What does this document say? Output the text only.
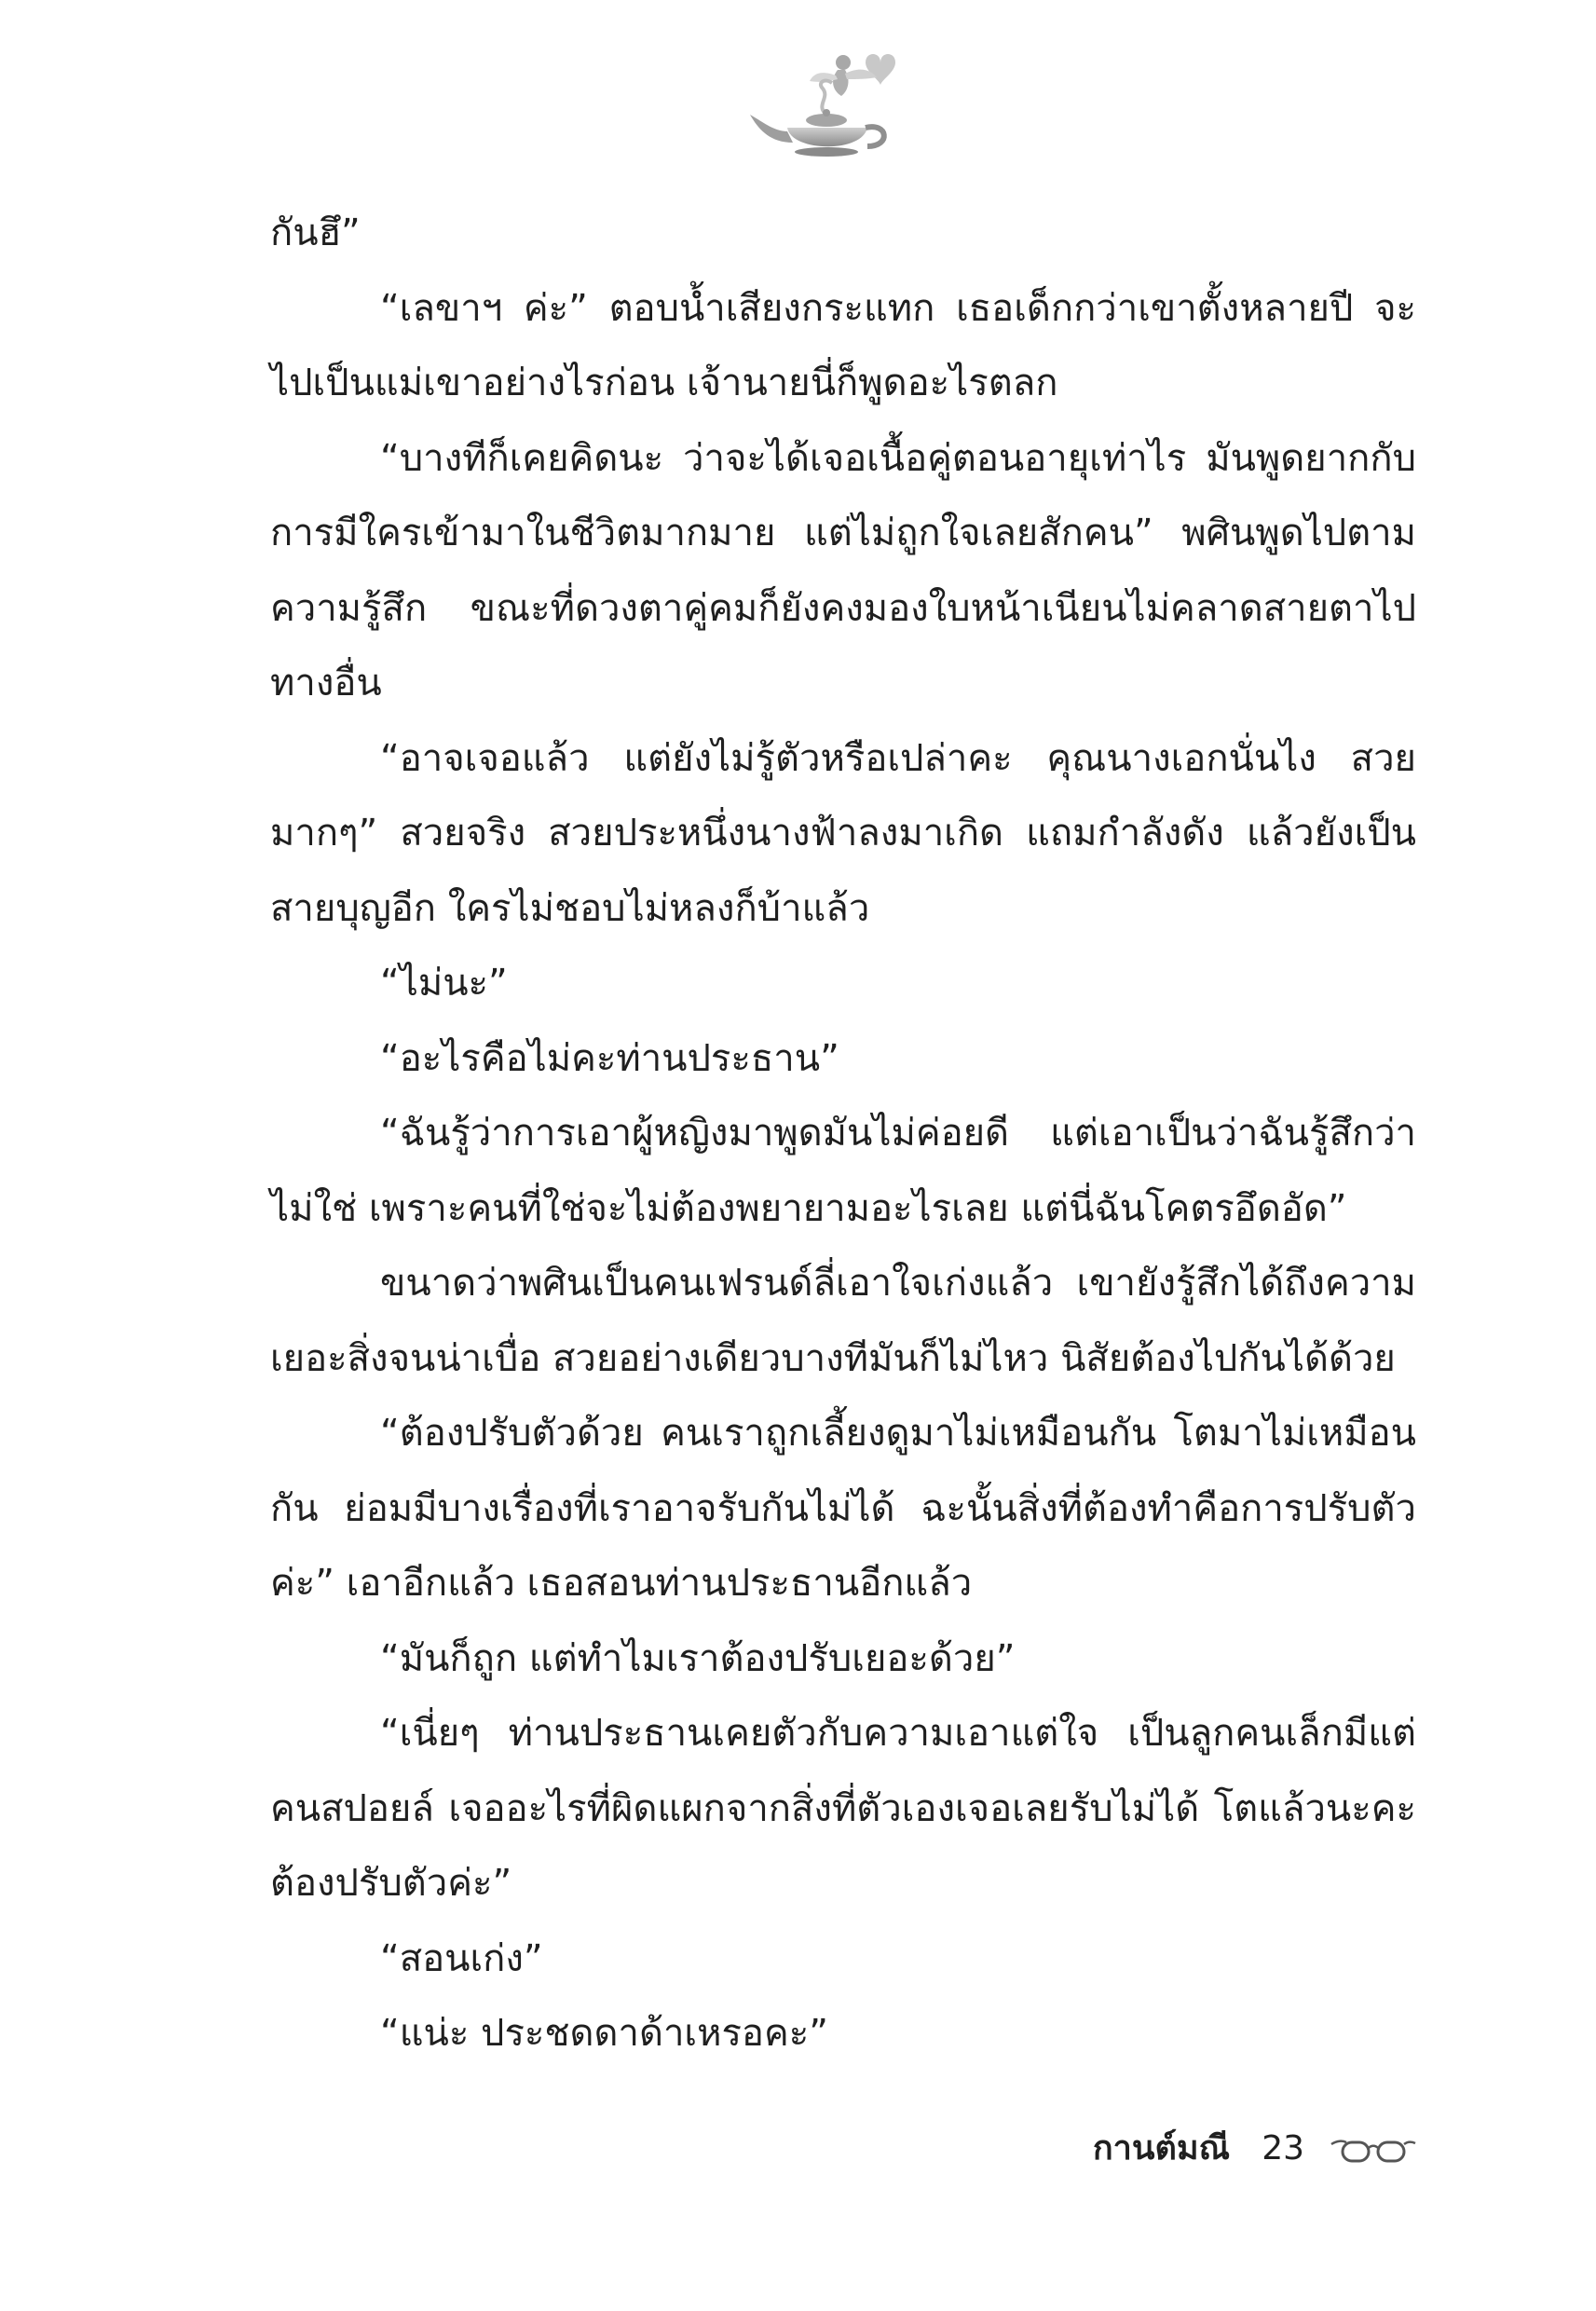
กันฮึ”

“เลขาฯ ค่ะ” ตอบน้ำเสียงกระแทก เธอเด็กกว่าเขาตั้งหลายปี จะไปเป็นแม่เขาอย่างไรก่อน เจ้านายนี่ก็พูดอะไรตลก

“บางทีก็เคยคิดนะ ว่าจะได้เจอเนื้อคู่ตอนอายุเท่าไร มันพูดยากกับการมีใครเข้ามาในชีวิตมากมาย แต่ไม่ถูกใจเลยสักคน” พศินพูดไปตามความรู้สึก ขณะที่ดวงตาคู่คมก็ยังคงมองใบหน้าเนียนไม่คลาดสายตาไปทางอื่น

“อาจเจอแล้ว แต่ยังไม่รู้ตัวหรือเปล่าคะ คุณนางเอกนั่นไง สวยมากๆ” สวยจริง สวยประหนึ่งนางฟ้าลงมาเกิด แถมกำลังดัง แล้วยังเป็นสายบุญอีก ใครไม่ชอบไม่หลงก็บ้าแล้ว

“ไม่นะ”

“อะไรคือไม่คะท่านประธาน”

“ฉันรู้ว่าการเอาผู้หญิงมาพูดมันไม่ค่อยดี แต่เอาเป็นว่าฉันรู้สึกว่าไม่ใช่ เพราะคนที่ใช่จะไม่ต้องพยายามอะไรเลย แต่นี่ฉันโคตรอึดอัด”

ขนาดว่าพศินเป็นคนเฟรนด์ลี่เอาใจเก่งแล้ว เขายังรู้สึกได้ถึงความเยอะสิ่งจนน่าเบื่อ สวยอย่างเดียวบางทีมันก็ไม่ไหว นิสัยต้องไปกันได้ด้วย

“ต้องปรับตัวด้วย คนเราถูกเลี้ยงดูมาไม่เหมือนกัน โตมาไม่เหมือนกัน ย่อมมีบางเรื่องที่เราอาจรับกันไม่ได้ ฉะนั้นสิ่งที่ต้องทำคือการปรับตัวค่ะ” เอาอีกแล้ว เธอสอนท่านประธานอีกแล้ว

“มันก็ถูก แต่ทำไมเราต้องปรับเยอะด้วย”

“เนี่ยๆ ท่านประธานเคยตัวกับความเอาแต่ใจ เป็นลูกคนเล็กมีแต่คนสปอยล์ เจออะไรที่ผิดแผกจากสิ่งที่ตัวเองเจอเลยรับไม่ได้ โตแล้วนะคะ ต้องปรับตัวค่ะ”

“สอนเก่ง”

“แน่ะ ประชดดาด้าเหรอคะ”

กานต์มณี 23
